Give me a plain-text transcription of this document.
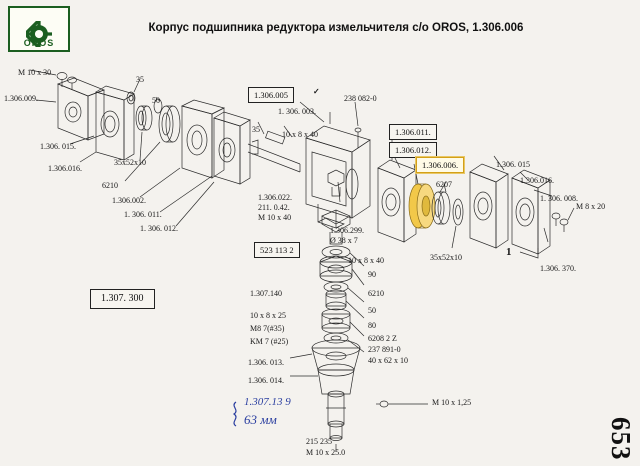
OROS
Корпус подшипника редуктора измельчителя с/о OROS, 1.306.006
1.306.005	✓
1.306.011.
1.306.012.
1.306.006.
1.307. 300
M 10 x 30
1.306.009.
35
50
1.306. 015.
1.306.016.
35x52x10
6210
1.306.002.
1. 306. 011.
1. 306. 012.
1. 306. 003.
238 082-0
10 x 8 x 40
35
1.306.022.
211. 0.42.
M 10 x 40
1.306.299.
Ø 38 x 7
523 113 2
10 x 8 x 40
90
6210
50
80
6208 2 Z
237 891-0
40 x 62 x 10
1.307.140
10 x 8 x 25
M8 7(#35)
KM 7 (#25)
1.306. 013.
1.306. 014.
M 10 x 1,25
215 235
M 10 x 25.0
6207
1.306. 015
1.306.016.
1. 306. 008.
35x52x10	1
M 8 x 20
1.306. 370.
1.307.13 9
63 мм	653
